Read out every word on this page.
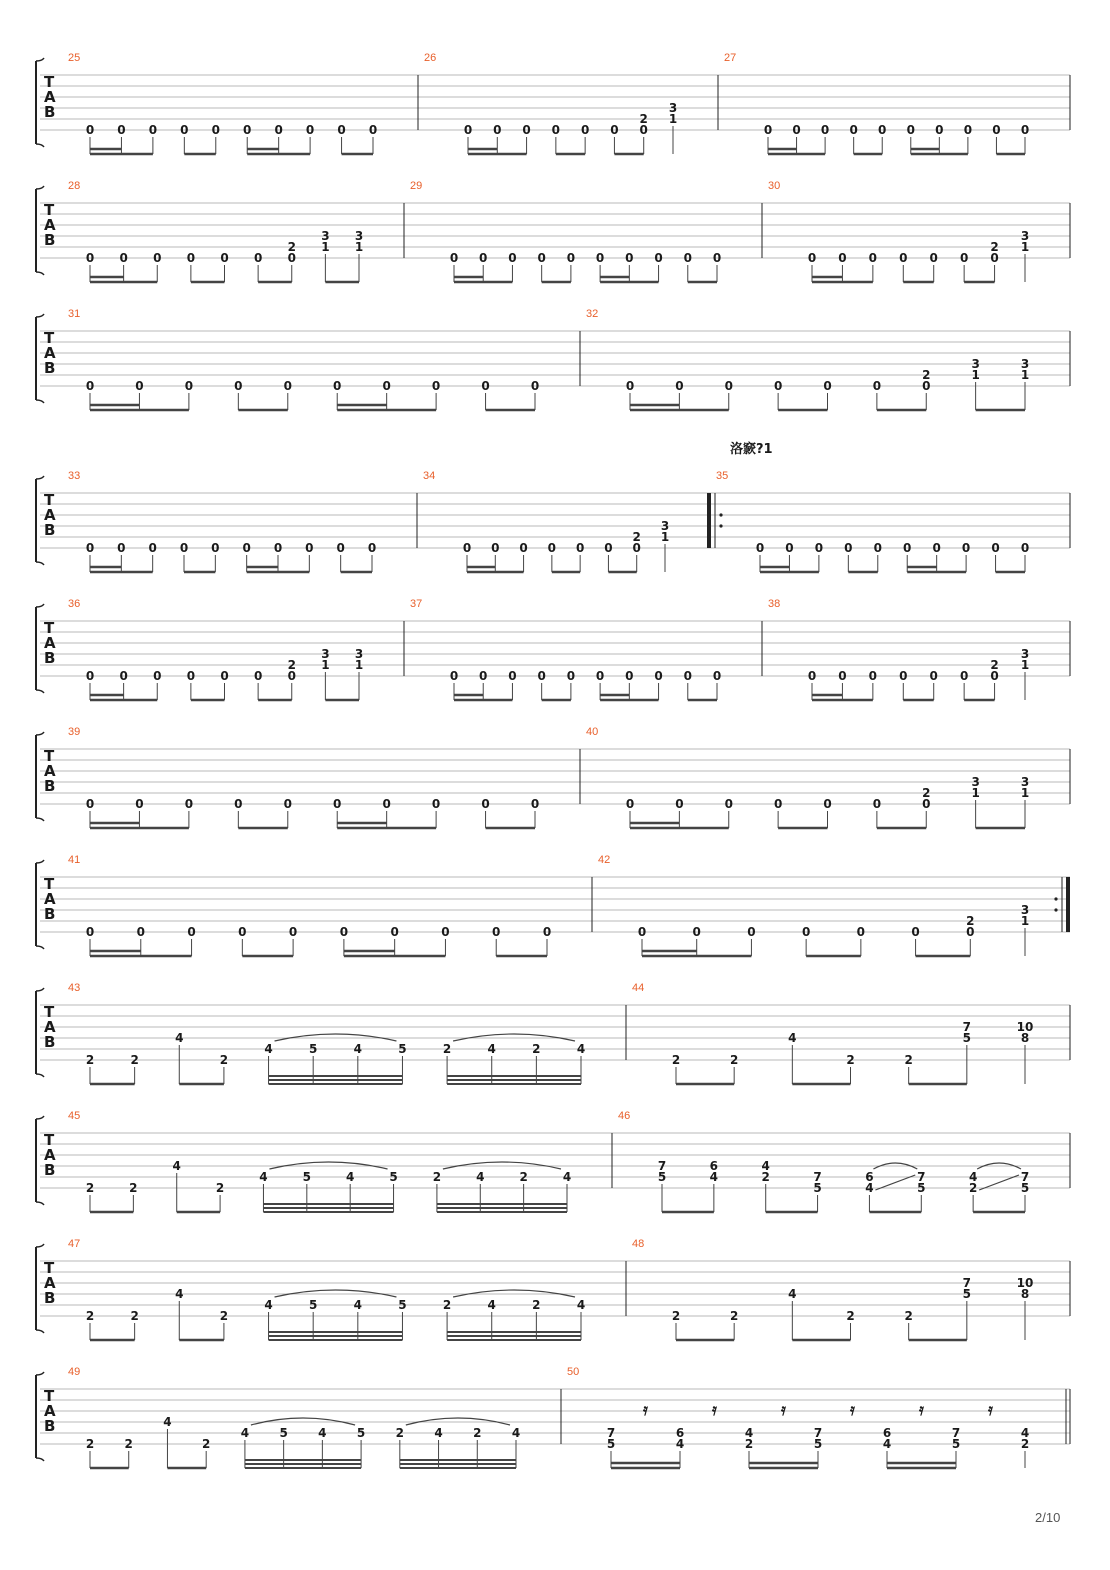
T
A
B
25
0 0 0 0 0 0 0 0 0 0
26
0 0 0 0 0 0
2
0
3
1
27
0 0 0 0 0 0 0 0 0 0
T
A
B
28
0 0 0 0 0 0
2
0
3
1
3
1
29
0 0 0 0 0 0 0 0 0 0
30
0 0 0 0 0 0
2
0
3
1
T
A
B
31
0	0	0	0	0	0	0	0	0	0
32
0	0	0	0	0	0
2
0
3
1
3
1
T
A
B
33
0 0 0 0 0 0 0 0 0 0
34
0 0 0 0 0 0
2
0
3
1
35
洛窾?1
0 0 0 0 0 0 0 0 0 0
T
A
B
36
0 0 0 0 0 0
2
0
3
1
3
1
37
0 0 0 0 0 0 0 0 0 0
38
0 0 0 0 0 0
2
0
3
1
T
A
B
39
0	0	0	0	0	0	0	0	0	0
40
0	0	0	0	0	0
2
0
3
1
3
1
T
A
B
41
0	0	0	0	0	0	0	0	0	0
42
0	0	0	0	0	0
2
0
3
1
T
A
B
43
2	2
4
2
4	5	4	5	2	4	2	4
44
2	2
4
2	2
7
5
10
8
T
A
B
45
2	2
4
2
4	5	4	5	2	4	2	4
46
7
5
6
4
4
2	7
5
6
4
7
5
4
2
7
5
T
A
B
47
2	2
4
2
4	5	4	5	2	4	2	4
48
2	2
4
2	2
7
5
10
8
T
A
B
49
2	2
4
2
4	5	4	5	2	4	2	4
50
7
5
6
4
4
2
7
5
6
4
7
5
4
2
𝄿	𝄿	𝄿	𝄿	𝄿	𝄿
2/10
